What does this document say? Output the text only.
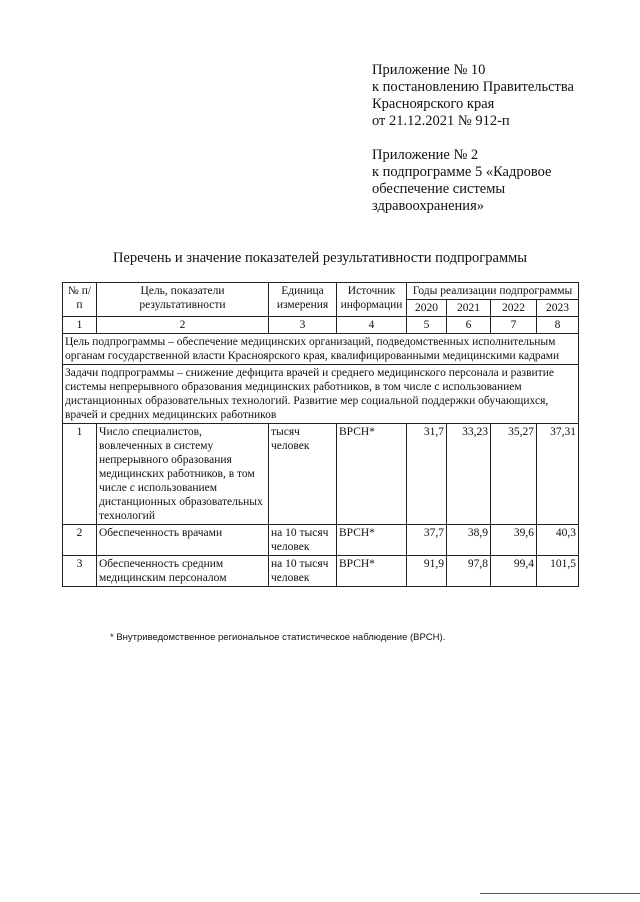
Приложение № 10
к постановлению Правительства
Красноярского края
от 21.12.2021 № 912-п
Приложение № 2
к подпрограмме 5 «Кадровое
обеспечение системы
здравоохранения»
Перечень и значение показателей результативности подпрограммы
№ п/п	Цель, показатели результативности	Единица измерения	Источник информации	Годы реализации подпрограммы			
				2020	2021	2022	2023
1	2	3	4	5	6	7	8
Цель подпрограммы – обеспечение медицинских организаций, подведомственных исполнительным органам государственной власти Красноярского края, квалифицированными медицинскими кадрами							
Задачи подпрограммы – снижение дефицита врачей и среднего медицинского персонала и развитие системы непрерывного образования медицинских работников, в том числе с использованием дистанционных образовательных технологий. Развитие мер социальной поддержки обучающихся, врачей и средних медицинских работников							
1	Число специалистов, вовлеченных в систему непрерывного образования медицинских работников, в том числе с использованием дистанционных образовательных технологий	тысяч человек	ВРСН*	31,7	33,23	35,27	37,31
2	Обеспеченность врачами	на 10 тысяч человек	ВРСН*	37,7	38,9	39,6	40,3
3	Обеспеченность средним медицинским персоналом	на 10 тысяч человек	ВРСН*	91,9	97,8	99,4	101,5
* Внутриведомственное региональное статистическое наблюдение (ВРСН).
